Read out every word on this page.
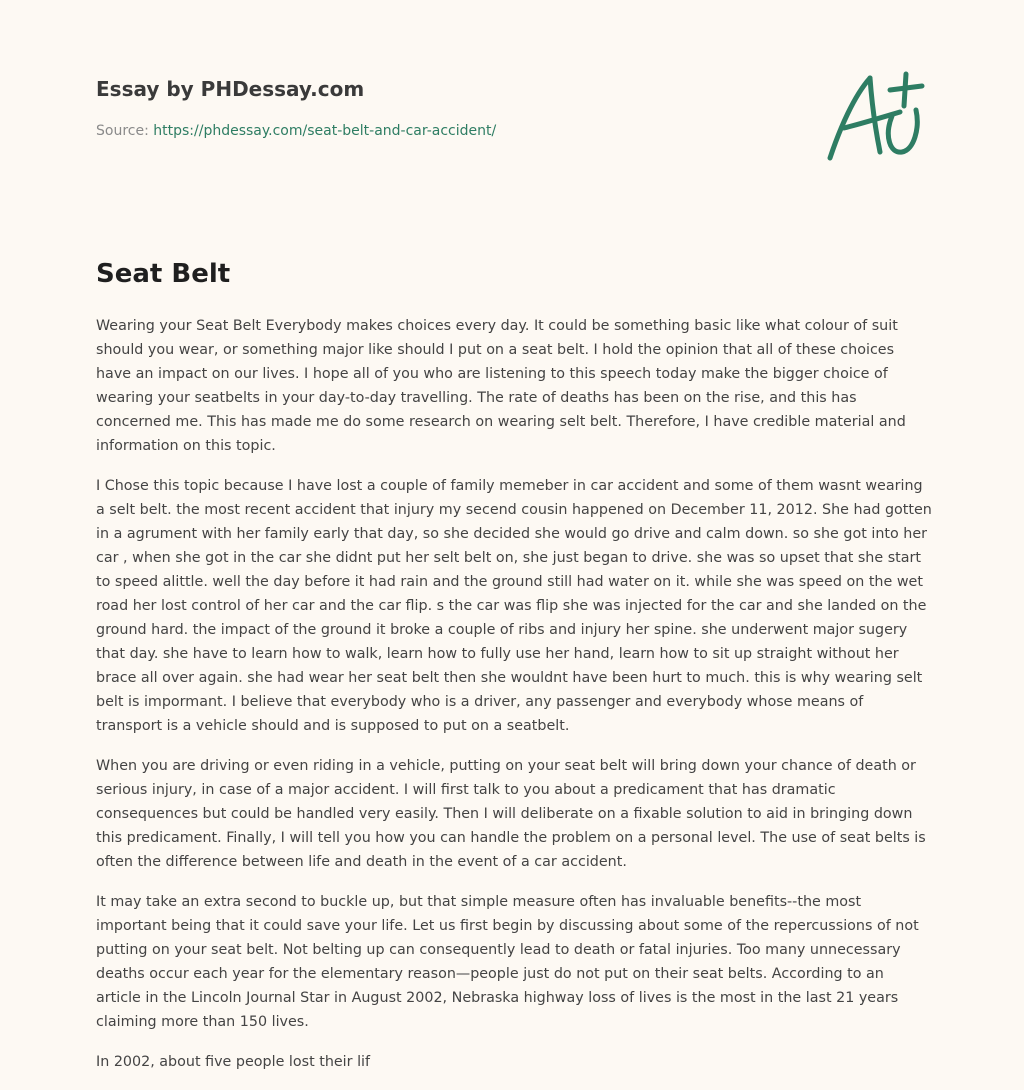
Essay by PHDessay.com
Source: https://phdessay.com/seat-belt-and-car-accident/
Seat Belt

Wearing your Seat Belt Everybody makes choices every day. It could be something basic like what colour of suit should you wear, or something major like should I put on a seat belt. I hold the opinion that all of these choices have an impact on our lives. I hope all of you who are listening to this speech today make the bigger choice of wearing your seatbelts in your day-to-day travelling. The rate of deaths has been on the rise, and this has concerned me. This has made me do some research on wearing selt belt. Therefore, I have credible material and information on this topic.

I Chose this topic because I have lost a couple of family memeber in car accident and some of them wasnt wearing a selt belt. the most recent accident that injury my secend cousin happened on December 11, 2012. She had gotten in a agrument with her family early that day, so she decided she would go drive and calm down. so she got into her car , when she got in the car she didnt put her selt belt on, she just began to drive. she was so upset that she start to speed alittle. well the day before it had rain and the ground still had water on it. while she was speed on the wet road her lost control of her car and the car flip. s the car was flip she was injected for the car and she landed on the ground hard. the impact of the ground it broke a couple of ribs and injury her spine. she underwent major sugery that day. she have to learn how to walk, learn how to fully use her hand, learn how to sit up straight without her brace all over again. she had wear her seat belt then she wouldnt have been hurt to much. this is why wearing selt belt is impormant. I believe that everybody who is a driver, any passenger and everybody whose means of transport is a vehicle should and is supposed to put on a seatbelt.

When you are driving or even riding in a vehicle, putting on your seat belt will bring down your chance of death or serious injury, in case of a major accident. I will first talk to you about a predicament that has dramatic consequences but could be handled very easily. Then I will deliberate on a fixable solution to aid in bringing down this predicament. Finally, I will tell you how you can handle the problem on a personal level. The use of seat belts is often the difference between life and death in the event of a car accident.

It may take an extra second to buckle up, but that simple measure often has invaluable benefits--the most important being that it could save your life. Let us first begin by discussing about some of the repercussions of not putting on your seat belt. Not belting up can consequently lead to death or fatal injuries. Too many unnecessary deaths occur each year for the elementary reason—people just do not put on their seat belts. According to an article in the Lincoln Journal Star in August 2002, Nebraska highway loss of lives is the most in the last 21 years claiming more than 150 lives.

In 2002, about five people lost their lif
